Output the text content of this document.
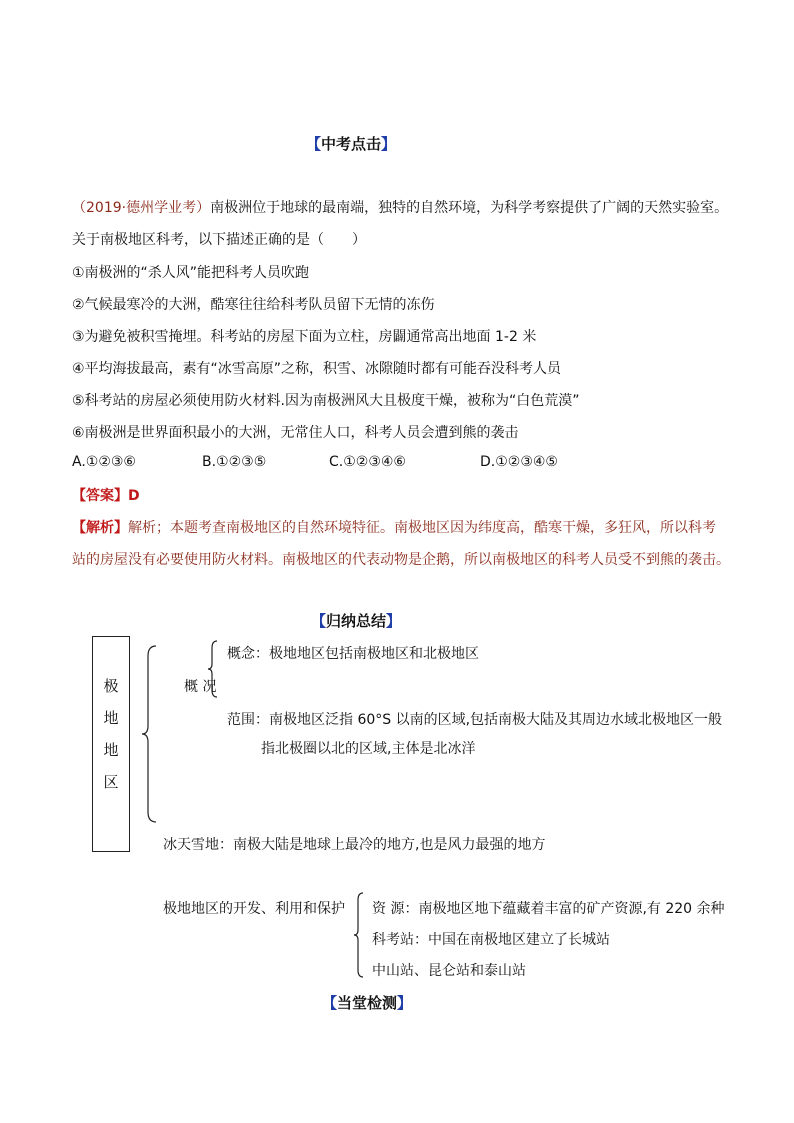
【中考点击】
（2019·德州学业考）南极洲位于地球的最南端，独特的自然环境，为科学考察提供了广阔的天然实验室。
关于南极地区科考，以下描述正确的是（　　）
①南极洲的“杀人风”能把科考人员吹跑
②气候最寒冷的大洲，酷寒往往给科考队员留下无情的冻伤
③为避免被积雪掩埋。科考站的房屋下面为立柱，房闢通常高出地面 1-2 米
④平均海拔最高，素有“冰雪高原”之称，积雪、冰隙随时都有可能吞没科考人员
⑤科考站的房屋必须使用防火材料.因为南极洲风大且极度干燥，被称为“白色荒漠”
⑥南极洲是世界面积最小的大洲，无常住人口，科考人员会遭到熊的袭击
A.①②③⑥	B.①②③⑤	C.①②③④⑥	D.①②③④⑤
【答案】D
【解析】解析；本题考查南极地区的自然环境特征。南极地区因为纬度高，酷寒干燥，多狂风，所以科考
站的房屋没有必要使用防火材料。南极地区的代表动物是企鹅，所以南极地区的科考人员受不到熊的袭击。
【归纳总结】
极
地
地
区
概 况
概念：极地地区包括南极地区和北极地区
范围：南极地区泛指 60°S 以南的区域,包括南极大陆及其周边水域北极地区一般
指北极圈以北的区域,主体是北冰洋
冰天雪地：南极大陆是地球上最冷的地方,也是风力最强的地方
极地地区的开发、利用和保护 资 源：南极地区地下蕴藏着丰富的矿产资源,有 220 余种
科考站：中国在南极地区建立了长城站
中山站、昆仑站和泰山站
【当堂检测】
